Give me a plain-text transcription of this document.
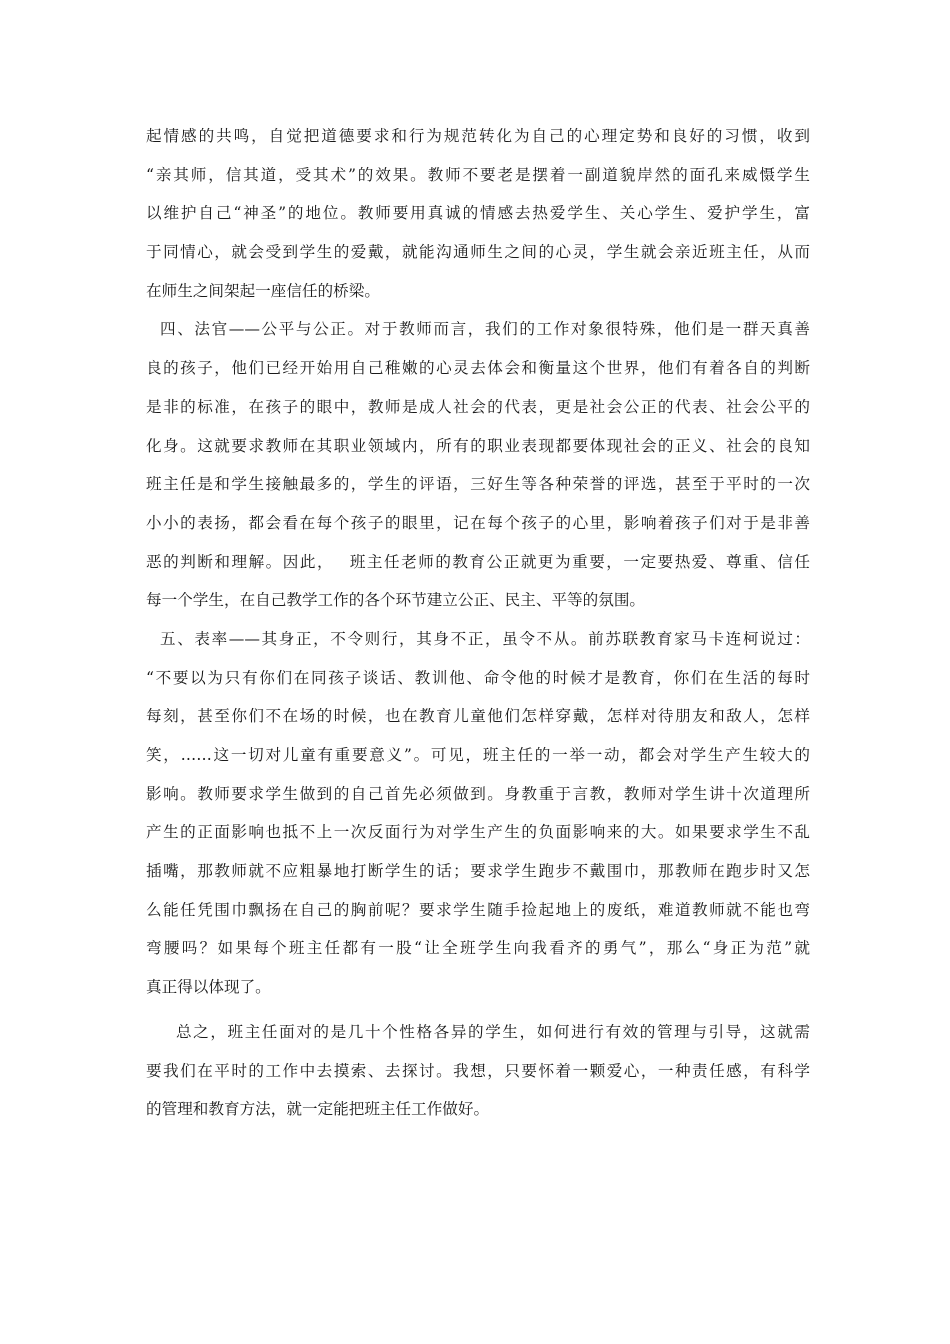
起情感的共鸣，自觉把道德要求和行为规范转化为自己的心理定势和良好的习惯，收到
“亲其师，信其道，受其术”的效果。教师不要老是摆着一副道貌岸然的面孔来威慑学生
以维护自己“神圣”的地位。教师要用真诚的情感去热爱学生、关心学生、爱护学生，富
于同情心，就会受到学生的爱戴，就能沟通师生之间的心灵，学生就会亲近班主任，从而
在师生之间架起一座信任的桥梁。
四、法官——公平与公正。对于教师而言，我们的工作对象很特殊，他们是一群天真善
良的孩子，他们已经开始用自己稚嫩的心灵去体会和衡量这个世界，他们有着各自的判断
是非的标准，在孩子的眼中，教师是成人社会的代表，更是社会公正的代表、社会公平的
化身。这就要求教师在其职业领域内，所有的职业表现都要体现社会的正义、社会的良知
班主任是和学生接触最多的，学生的评语，三好生等各种荣誉的评选，甚至于平时的一次
小小的表扬，都会看在每个孩子的眼里，记在每个孩子的心里，影响着孩子们对于是非善
恶的判断和理解。因此，　 班主任老师的教育公正就更为重要，一定要热爱、尊重、信任
每一个学生，在自己教学工作的各个环节建立公正、民主、平等的氛围。
五、表率——其身正，不令则行，其身不正，虽令不从。前苏联教育家马卡连柯说过：
“不要以为只有你们在同孩子谈话、教训他、命令他的时候才是教育，你们在生活的每时
每刻，甚至你们不在场的时候，也在教育儿童他们怎样穿戴，怎样对待朋友和敌人，怎样
笑，……这一切对儿童有重要意义”。可见，班主任的一举一动，都会对学生产生较大的
影响。教师要求学生做到的自己首先必须做到。身教重于言教，教师对学生讲十次道理所
产生的正面影响也抵不上一次反面行为对学生产生的负面影响来的大。如果要求学生不乱
插嘴，那教师就不应粗暴地打断学生的话；要求学生跑步不戴围巾，那教师在跑步时又怎
么能任凭围巾飘扬在自己的胸前呢？要求学生随手捡起地上的废纸，难道教师就不能也弯
弯腰吗？如果每个班主任都有一股“让全班学生向我看齐的勇气”，那么“身正为范”就
真正得以体现了。
总之，班主任面对的是几十个性格各异的学生，如何进行有效的管理与引导，这就需
要我们在平时的工作中去摸索、去探讨。我想，只要怀着一颗爱心，一种责任感，有科学
的管理和教育方法，就一定能把班主任工作做好。
